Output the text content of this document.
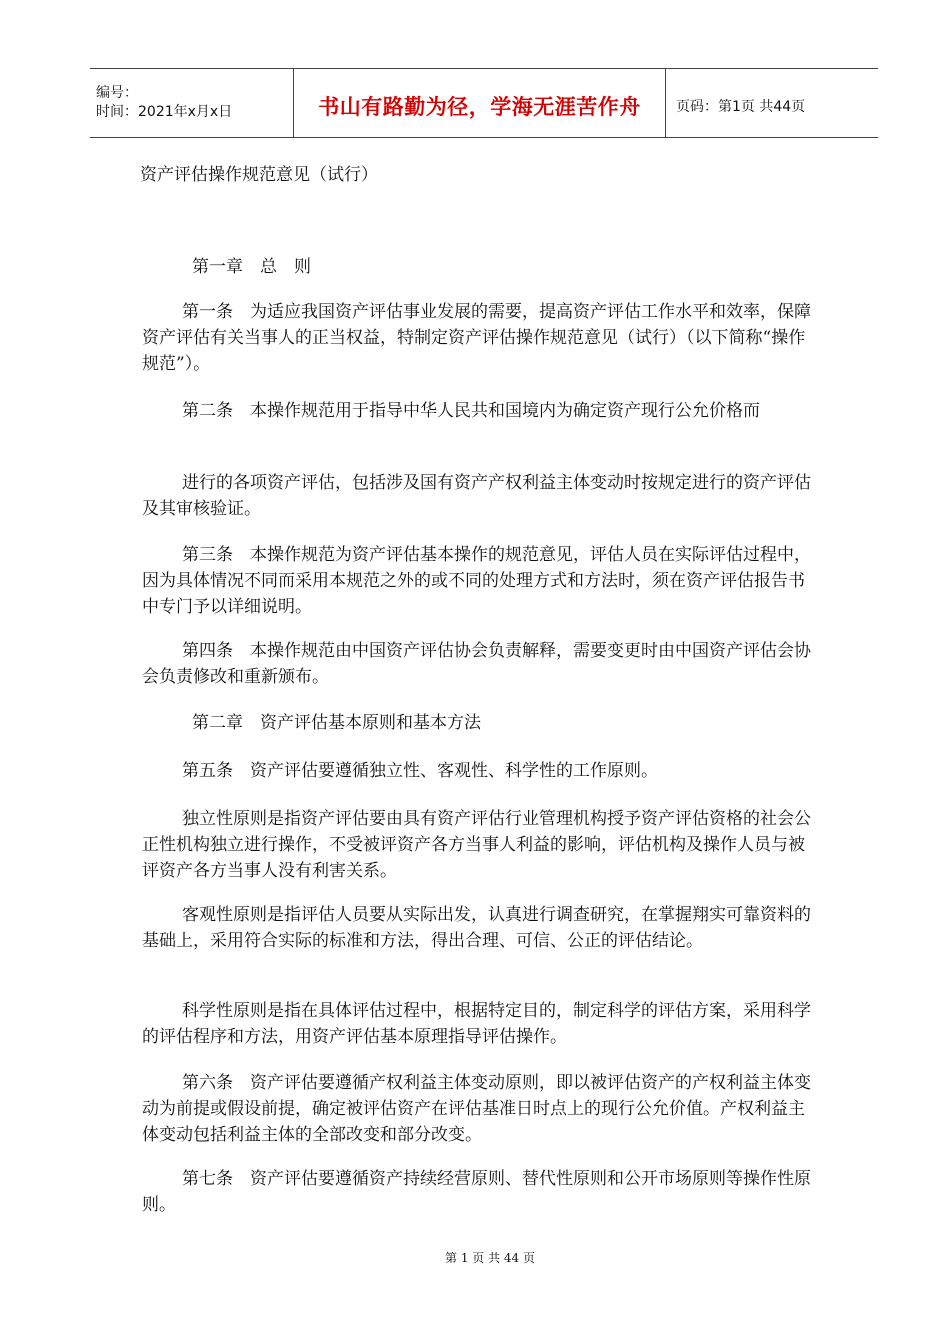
编号：
时间：2021年x月x日	书山有路勤为径，学海无涯苦作舟	页码：第1页 共44页
资产评估操作规范意见（试行）

第一章　总　则

第一条　为适应我国资产评估事业发展的需要，提高资产评估工作水平和效率，保障资产评估有关当事人的正当权益，特制定资产评估操作规范意见（试行）（以下简称“操作规范”）。

第二条　本操作规范用于指导中华人民共和国境内为确定资产现行公允价格而

进行的各项资产评估，包括涉及国有资产产权利益主体变动时按规定进行的资产评估及其审核验证。

第三条　本操作规范为资产评估基本操作的规范意见，评估人员在实际评估过程中，因为具体情况不同而采用本规范之外的或不同的处理方式和方法时，须在资产评估报告书中专门予以详细说明。

第四条　本操作规范由中国资产评估协会负责解释，需要变更时由中国资产评估会协会负责修改和重新颁布。

第二章　资产评估基本原则和基本方法

第五条　资产评估要遵循独立性、客观性、科学性的工作原则。

独立性原则是指资产评估要由具有资产评估行业管理机构授予资产评估资格的社会公正性机构独立进行操作，不受被评资产各方当事人利益的影响，评估机构及操作人员与被评资产各方当事人没有利害关系。

客观性原则是指评估人员要从实际出发，认真进行调查研究，在掌握翔实可靠资料的基础上，采用符合实际的标准和方法，得出合理、可信、公正的评估结论。

科学性原则是指在具体评估过程中，根据特定目的，制定科学的评估方案，采用科学的评估程序和方法，用资产评估基本原理指导评估操作。

第六条　资产评估要遵循产权利益主体变动原则，即以被评估资产的产权利益主体变动为前提或假设前提，确定被评估资产在评估基准日时点上的现行公允价值。产权利益主体变动包括利益主体的全部改变和部分改变。

第七条　资产评估要遵循资产持续经营原则、替代性原则和公开市场原则等操作性原则。

第 1 页 共 44 页
